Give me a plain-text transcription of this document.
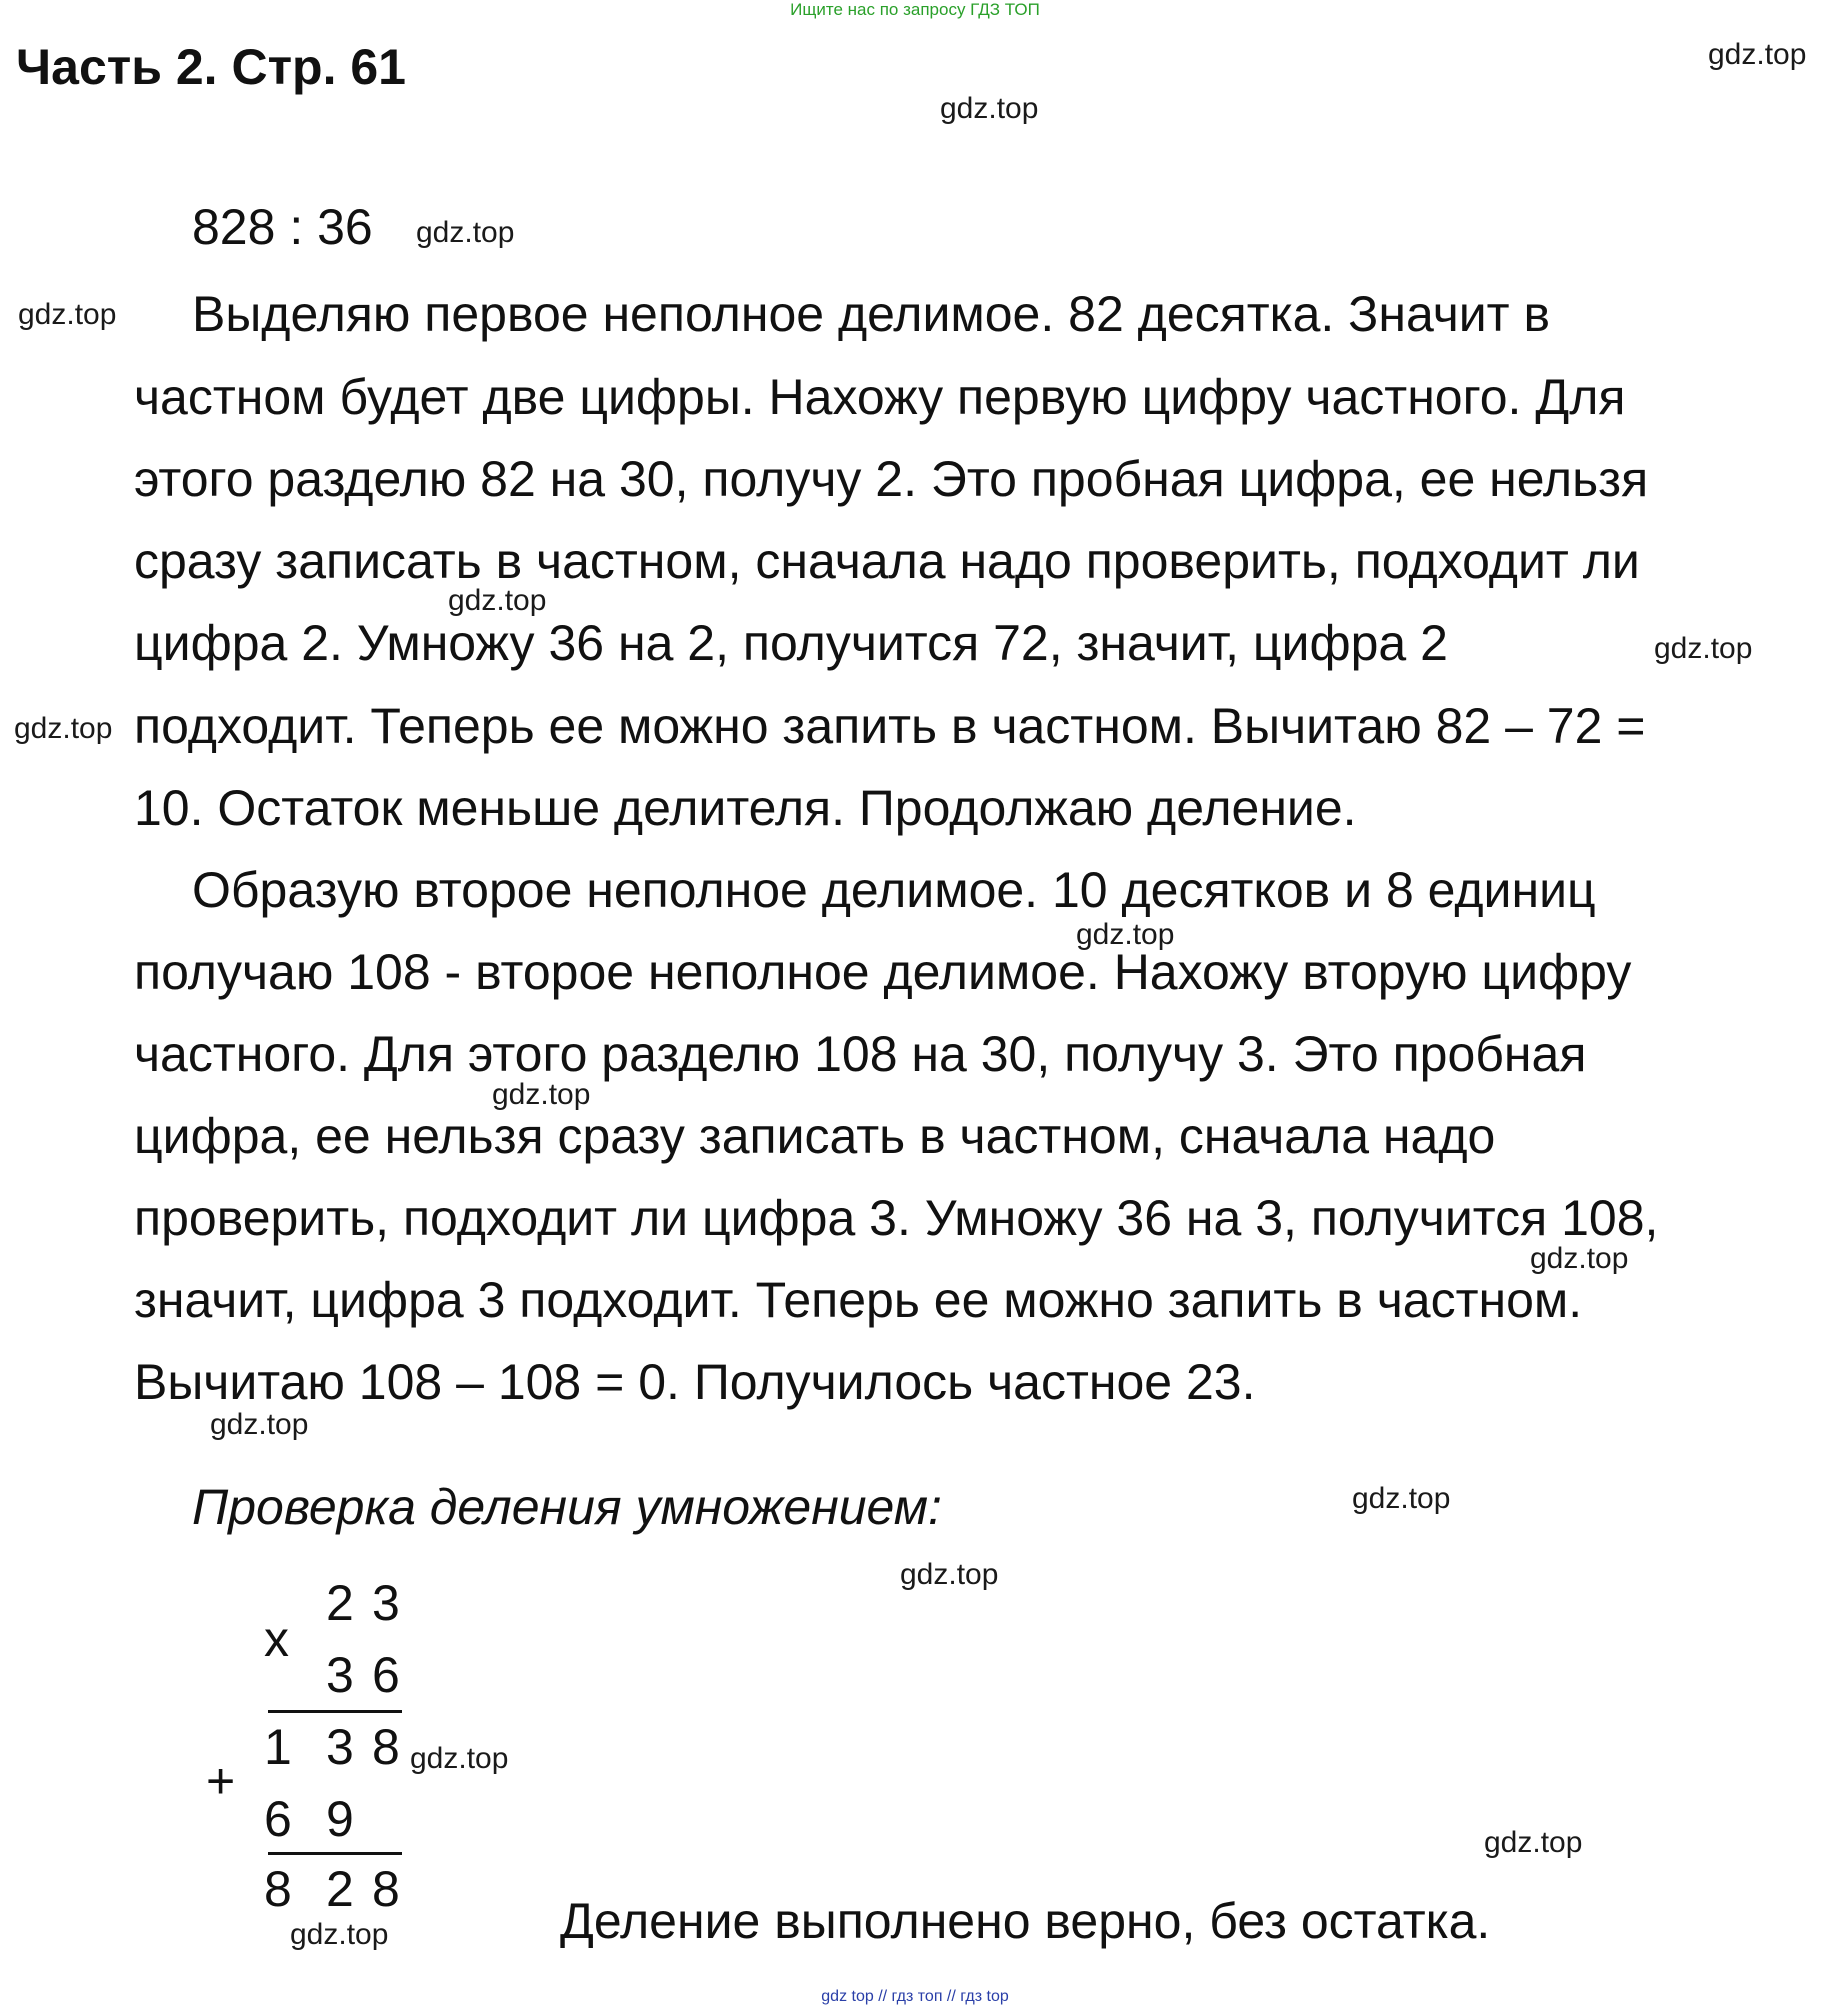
Ищите нас по запросу ГДЗ ТОП
Часть 2. Стр. 61
828 : 36
Выделяю первое неполное делимое. 82 десятка. Значит в
частном будет две цифры. Нахожу первую цифру частного. Для
этого разделю 82 на 30, получу 2. Это пробная цифра, ее нельзя
сразу записать в частном, сначала надо проверить, подходит ли
цифра 2. Умножу 36 на 2, получится 72, значит, цифра 2
подходит. Теперь ее можно запить в частном. Вычитаю 82 – 72 =
10. Остаток меньше делителя. Продолжаю деление.
Образую второе неполное делимое. 10 десятков и 8 единиц
получаю 108 - второе неполное делимое. Нахожу вторую цифру
частного. Для этого разделю 108 на 30, получу 3. Это пробная
цифра, ее нельзя сразу записать в частном, сначала надо
проверить, подходит ли цифра 3. Умножу 36 на 3, получится 108,
значит, цифра 3 подходит. Теперь ее можно запить в частном.
Вычитаю 108 – 108 = 0. Получилось частное 23.
Проверка деления умножением:
x
2 3
3 6
1 3 8
+
6 9
8 2 8
Деление выполнено верно, без остатка.
gdz.top
gdz.top
gdz.top
gdz.top
gdz.top
gdz.top
gdz.top
gdz.top
gdz.top
gdz.top
gdz.top
gdz.top
gdz.top
gdz.top
gdz.top
gdz.top
gdz top // гдз топ // гдз top
